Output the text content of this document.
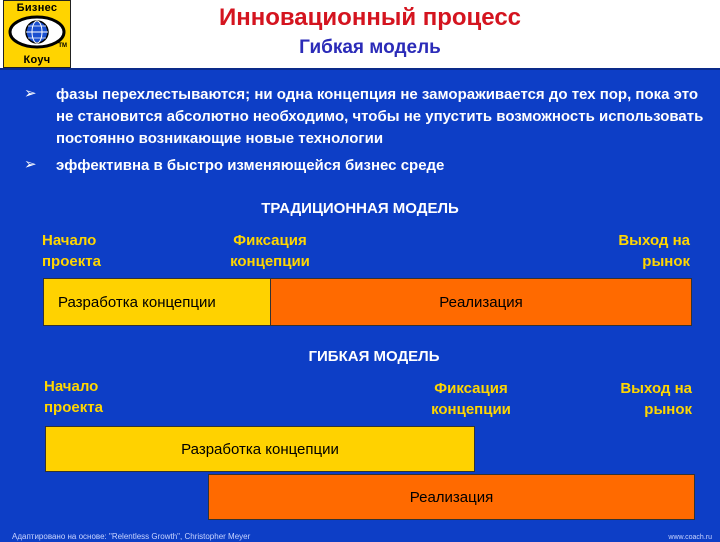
Бизнес
TM
Коуч
Инновационный процесс
Гибкая модель
➢ фазы перехлестываются; ни одна концепция не замораживается до тех пор, пока это не становится абсолютно необходимо, чтобы не упустить возможность использовать постоянно возникающие новые технологии
➢ эффективна в быстро изменяющейся бизнес среде
ТРАДИЦИОННАЯ МОДЕЛЬ
Начало
проекта
Фиксация
концепции
Выход на
рынок
Разработка концепции	Реализация
ГИБКАЯ МОДЕЛЬ
Начало
проекта
Фиксация
концепции
Выход на
рынок
Разработка концепции
Реализация
Адаптировано на основе: "Relentless Growth", Christopher Meyer	www.coach.ru
